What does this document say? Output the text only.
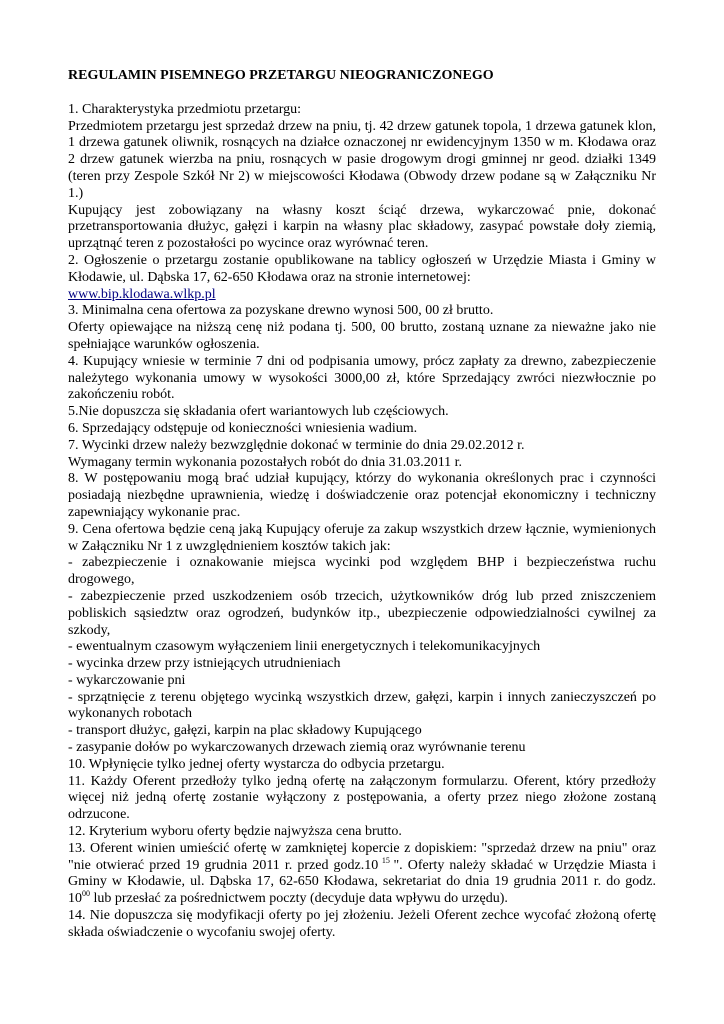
REGULAMIN PISEMNEGO PRZETARGU NIEOGRANICZONEGO

1. Charakterystyka przedmiotu przetargu:

Przedmiotem przetargu jest sprzedaż drzew na pniu, tj. 42 drzew gatunek topola, 1 drzewa gatunek klon, 1 drzewa gatunek oliwnik, rosnących na działce oznaczonej nr ewidencyjnym 1350 w m. Kłodawa oraz 2 drzew gatunek wierzba na pniu, rosnących w pasie drogowym drogi gminnej nr geod. działki 1349 (teren przy Zespole Szkół Nr 2) w miejscowości Kłodawa (Obwody drzew podane są w Załączniku Nr 1.)

Kupujący jest zobowiązany na własny koszt ściąć drzewa, wykarczować pnie, dokonać przetransportowania dłużyc, gałęzi i karpin na własny plac składowy, zasypać powstałe doły ziemią, uprzątnąć teren z pozostałości po wycince oraz wyrównać teren.

2. Ogłoszenie o przetargu zostanie opublikowane na tablicy ogłoszeń w Urzędzie Miasta i Gminy w Kłodawie, ul. Dąbska 17, 62-650 Kłodawa oraz na stronie internetowej:

www.bip.klodawa.wlkp.pl

3. Minimalna cena ofertowa za pozyskane drewno wynosi 500, 00 zł brutto.

Oferty opiewające na niższą cenę niż podana tj. 500, 00 brutto, zostaną uznane za nieważne jako nie spełniające warunków ogłoszenia.

4. Kupujący wniesie w terminie 7 dni od podpisania umowy, prócz zapłaty za drewno, zabezpieczenie należytego wykonania umowy w wysokości 3000,00 zł, które Sprzedający zwróci niezwłocznie po zakończeniu robót.

5.Nie dopuszcza się składania ofert wariantowych lub częściowych.

6. Sprzedający odstępuje od konieczności wniesienia wadium.

7. Wycinki drzew należy bezwzględnie dokonać w terminie do dnia 29.02.2012 r.

Wymagany termin wykonania pozostałych robót do dnia 31.03.2011 r.

8. W postępowaniu mogą brać udział kupujący, którzy do wykonania określonych prac i czynności posiadają niezbędne uprawnienia, wiedzę i doświadczenie oraz potencjał ekonomiczny i techniczny zapewniający wykonanie prac.

9. Cena ofertowa będzie ceną jaką Kupujący oferuje za zakup wszystkich drzew łącznie, wymienionych w Załączniku Nr 1 z uwzględnieniem kosztów takich jak:

- zabezpieczenie i oznakowanie miejsca wycinki pod względem BHP i bezpieczeństwa ruchu drogowego,

- zabezpieczenie przed uszkodzeniem osób trzecich, użytkowników dróg lub przed zniszczeniem pobliskich sąsiedztw oraz ogrodzeń, budynków itp., ubezpieczenie odpowiedzialności cywilnej za szkody,

- ewentualnym czasowym wyłączeniem linii energetycznych i telekomunikacyjnych

- wycinka drzew przy istniejących utrudnieniach

- wykarczowanie pni

- sprzątnięcie z terenu objętego wycinką wszystkich drzew, gałęzi, karpin i innych zanieczyszczeń po wykonanych robotach

- transport dłużyc, gałęzi, karpin na plac składowy Kupującego

- zasypanie dołów po wykarczowanych drzewach ziemią oraz wyrównanie terenu

10. Wpłynięcie tylko jednej oferty wystarcza do odbycia przetargu.

11. Każdy Oferent przedłoży tylko jedną ofertę na załączonym formularzu. Oferent, który przedłoży więcej niż jedną ofertę zostanie wyłączony z postępowania, a oferty przez niego złożone zostaną odrzucone.

12. Kryterium wyboru oferty będzie najwyższa cena brutto.

13. Oferent winien umieścić ofertę w zamkniętej kopercie z dopiskiem: "sprzedaż drzew na pniu" oraz "nie otwierać przed 19 grudnia 2011 r. przed godz.10 $^{15}$ ". Oferty należy składać w Urzędzie Miasta i Gminy w Kłodawie, ul. Dąbska 17, 62-650 Kłodawa, sekretariat do dnia 19 grudnia 2011 r. do godz. $10^{00}$ lub przesłać za pośrednictwem poczty (decyduje data wpływu do urzędu).

14. Nie dopuszcza się modyfikacji oferty po jej złożeniu. Jeżeli Oferent zechce wycofać złożoną ofertę składa oświadczenie o wycofaniu swojej oferty.
